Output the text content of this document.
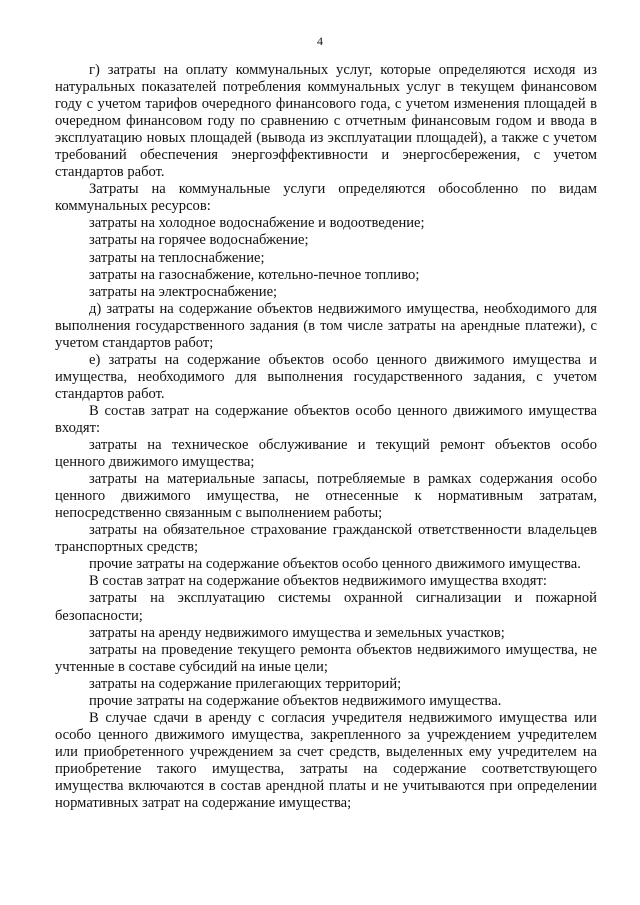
4

г) затраты на оплату коммунальных услуг, которые определяются исходя из натуральных показателей потребления коммунальных услуг в текущем финансовом году с учетом тарифов очередного финансового года, с учетом изменения площадей в очередном финансовом году по сравнению с отчетным финансовым годом и ввода в эксплуатацию новых площадей (вывода из эксплуатации площадей), а также с учетом требований обеспечения энергоэффективности и энергосбережения, с учетом стандартов работ.

Затраты на коммунальные услуги определяются обособленно по видам коммунальных ресурсов:

затраты на холодное водоснабжение и водоотведение;

затраты на горячее водоснабжение;

затраты на теплоснабжение;

затраты на газоснабжение, котельно-печное топливо;

затраты на электроснабжение;

д) затраты на содержание объектов недвижимого имущества, необходимого для выполнения государственного задания (в том числе затраты на арендные платежи), с учетом стандартов работ;

е) затраты на содержание объектов особо ценного движимого имущества и имущества, необходимого для выполнения государственного задания, с учетом стандартов работ.

В состав затрат на содержание объектов особо ценного движимого имущества входят:

затраты на техническое обслуживание и текущий ремонт объектов особо ценного движимого имущества;

затраты на материальные запасы, потребляемые в рамках содержания особо ценного движимого имущества, не отнесенные к нормативным затратам, непосредственно связанным с выполнением работы;

затраты на обязательное страхование гражданской ответственности владельцев транспортных средств;

прочие затраты на содержание объектов особо ценного движимого имущества.

В состав затрат на содержание объектов недвижимого имущества входят:

затраты на эксплуатацию системы охранной сигнализации и пожарной безопасности;

затраты на аренду недвижимого имущества и земельных участков;

затраты на проведение текущего ремонта объектов недвижимого имущества, не учтенные в составе субсидий на иные цели;

затраты на содержание прилегающих территорий;

прочие затраты на содержание объектов недвижимого имущества.

В случае сдачи в аренду с согласия учредителя недвижимого имущества или особо ценного движимого имущества, закрепленного за учреждением учредителем или приобретенного учреждением за счет средств, выделенных ему учредителем на приобретение такого имущества, затраты на содержание соответствующего имущества включаются в состав арендной платы и не учитываются при определении нормативных затрат на содержание имущества;
